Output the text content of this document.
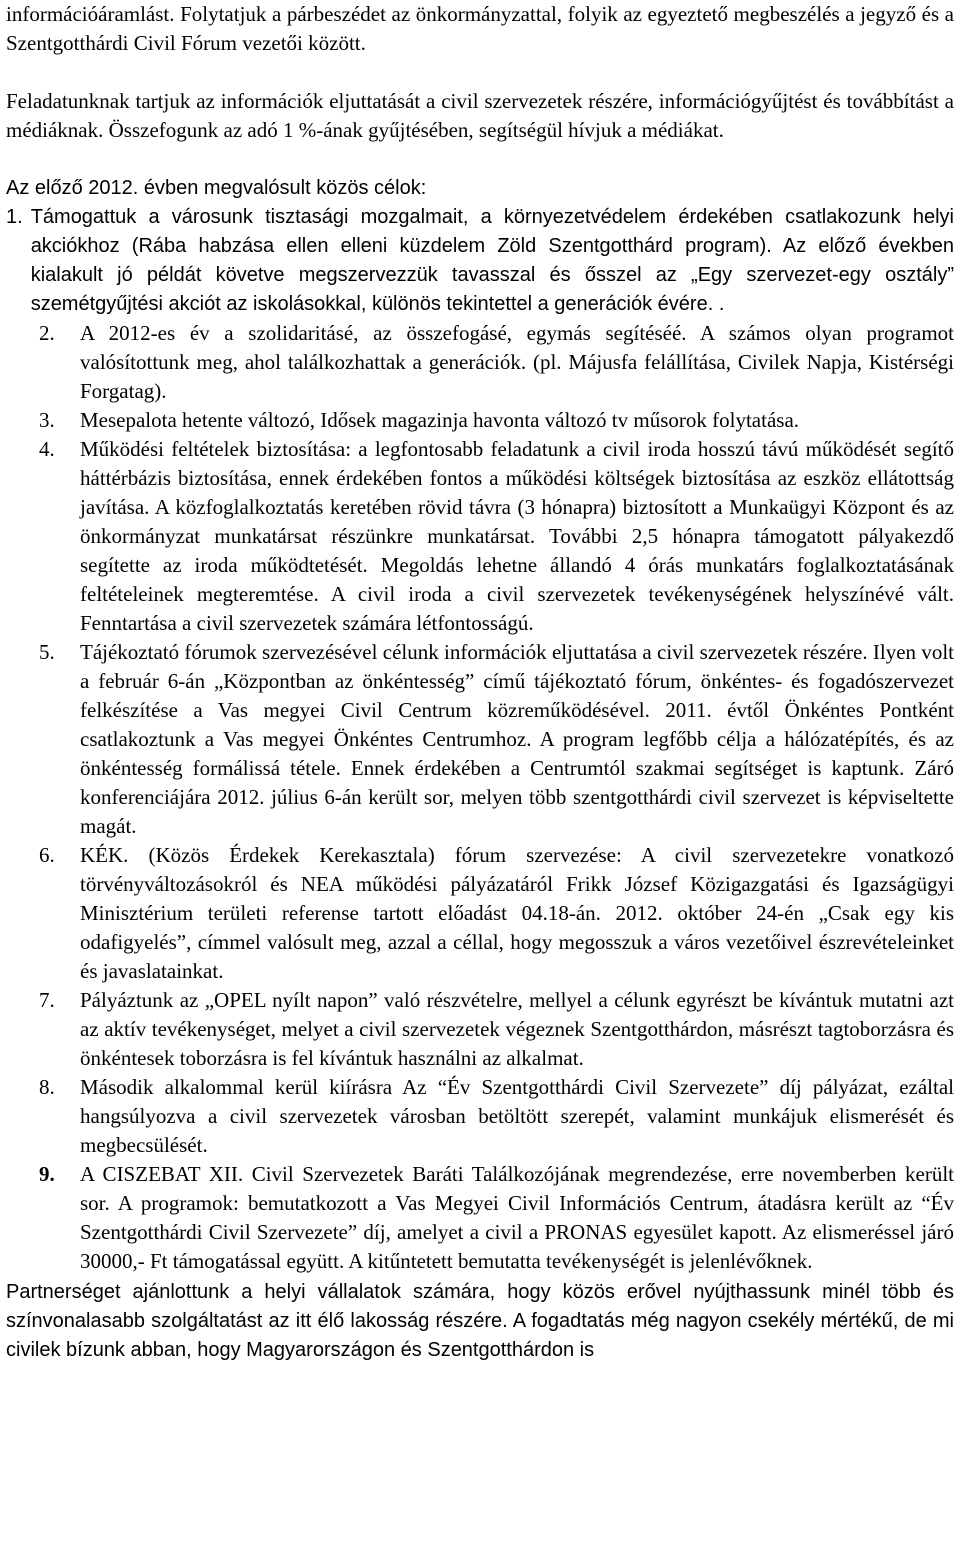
információáramlást. Folytatjuk a párbeszédet az önkormányzattal, folyik az egyeztető megbeszélés a jegyző és a Szentgotthárdi Civil Fórum vezetői között.

Feladatunknak tartjuk az információk eljuttatását a civil szervezetek részére, információgyűjtést és továbbítást a médiáknak. Összefogunk az adó 1 %-ának gyűjtésében, segítségül hívjuk a médiákat.

Az előző 2012. évben megvalósult közös célok:

1. Támogattuk a városunk tisztasági mozgalmait, a környezetvédelem érdekében csatlakozunk helyi akciókhoz (Rába habzása ellen elleni küzdelem Zöld Szentgotthárd program). Az előző években kialakult jó példát követve megszervezzük tavasszal és ősszel az „Egy szervezet-egy osztály” szemétgyűjtési akciót az iskolásokkal, különös tekintettel a generációk évére. .
2.	A 2012-es év a szolidaritásé, az összefogásé, egymás segítéséé. A számos olyan programot valósítottunk meg, ahol találkozhattak a generációk. (pl. Májusfa felállítása, Civilek Napja, Kistérségi Forgatag).
3.	Mesepalota hetente változó, Idősek magazinja havonta változó tv műsorok folytatása.
4.	Működési feltételek biztosítása: a legfontosabb feladatunk a civil iroda hosszú távú működését segítő háttérbázis biztosítása, ennek érdekében fontos a működési költségek biztosítása az eszköz ellátottság javítása. A közfoglalkoztatás keretében rövid távra (3 hónapra) biztosított a Munkaügyi Központ és az önkormányzat munkatársat részünkre munkatársat. További 2,5 hónapra támogatott pályakezdő segítette az iroda működtetését. Megoldás lehetne állandó 4 órás munkatárs foglalkoztatásának feltételeinek megteremtése. A civil iroda a civil szervezetek tevékenységének helyszínévé vált. Fenntartása a civil szervezetek számára létfontosságú.
5.	Tájékoztató fórumok szervezésével célunk információk eljuttatása a civil szervezetek részére. Ilyen volt a február 6-án „Központban az önkéntesség” című tájékoztató fórum, önkéntes- és fogadószervezet felkészítése a Vas megyei Civil Centrum közreműködésével. 2011. évtől Önkéntes Pontként csatlakoztunk a Vas megyei Önkéntes Centrumhoz. A program legfőbb célja a hálózatépítés, és az önkéntesség formálissá tétele. Ennek érdekében a Centrumtól szakmai segítséget is kaptunk. Záró konferenciájára 2012. július 6-án került sor, melyen több szentgotthárdi civil szervezet is képviseltette magát.
6.	KÉK. (Közös Érdekek Kerekasztala) fórum szervezése: A civil szervezetekre vonatkozó törvényváltozásokról és NEA működési pályázatáról Frikk József Közigazgatási és Igazságügyi Minisztérium területi referense tartott előadást 04.18-án. 2012. október 24-én „Csak egy kis odafigyelés”, címmel valósult meg, azzal a céllal, hogy megosszuk a város vezetőivel észrevételeinket és javaslatainkat.
7.	Pályáztunk az „OPEL nyílt napon” való részvételre, mellyel a célunk egyrészt be kívántuk mutatni azt az aktív tevékenységet, melyet a civil szervezetek végeznek Szentgotthárdon, másrészt tagtoborzásra és önkéntesek toborzásra is fel kívántuk használni az alkalmat.
8.	Második alkalommal kerül kiírásra Az “Év Szentgotthárdi Civil Szervezete” díj pályázat, ezáltal hangsúlyozva a civil szervezetek városban betöltött szerepét, valamint munkájuk elismerését és megbecsülését.
9.	A CISZEBAT XII. Civil Szervezetek Baráti Találkozójának megrendezése, erre novemberben került sor. A programok: bemutatkozott a Vas Megyei Civil Információs Centrum, átadásra került az “Év Szentgotthárdi Civil Szervezete” díj, amelyet a civil a PRONAS egyesület kapott. Az elismeréssel járó 30000,- Ft támogatással együtt. A kitűntetett bemutatta tevékenységét is jelenlévőknek.

Partnerséget ajánlottunk a helyi vállalatok számára, hogy közös erővel nyújthassunk minél több és színvonalasabb szolgáltatást az itt élő lakosság részére. A fogadtatás még nagyon csekély mértékű, de mi civilek bízunk abban, hogy Magyarországon és Szentgotthárdon is
